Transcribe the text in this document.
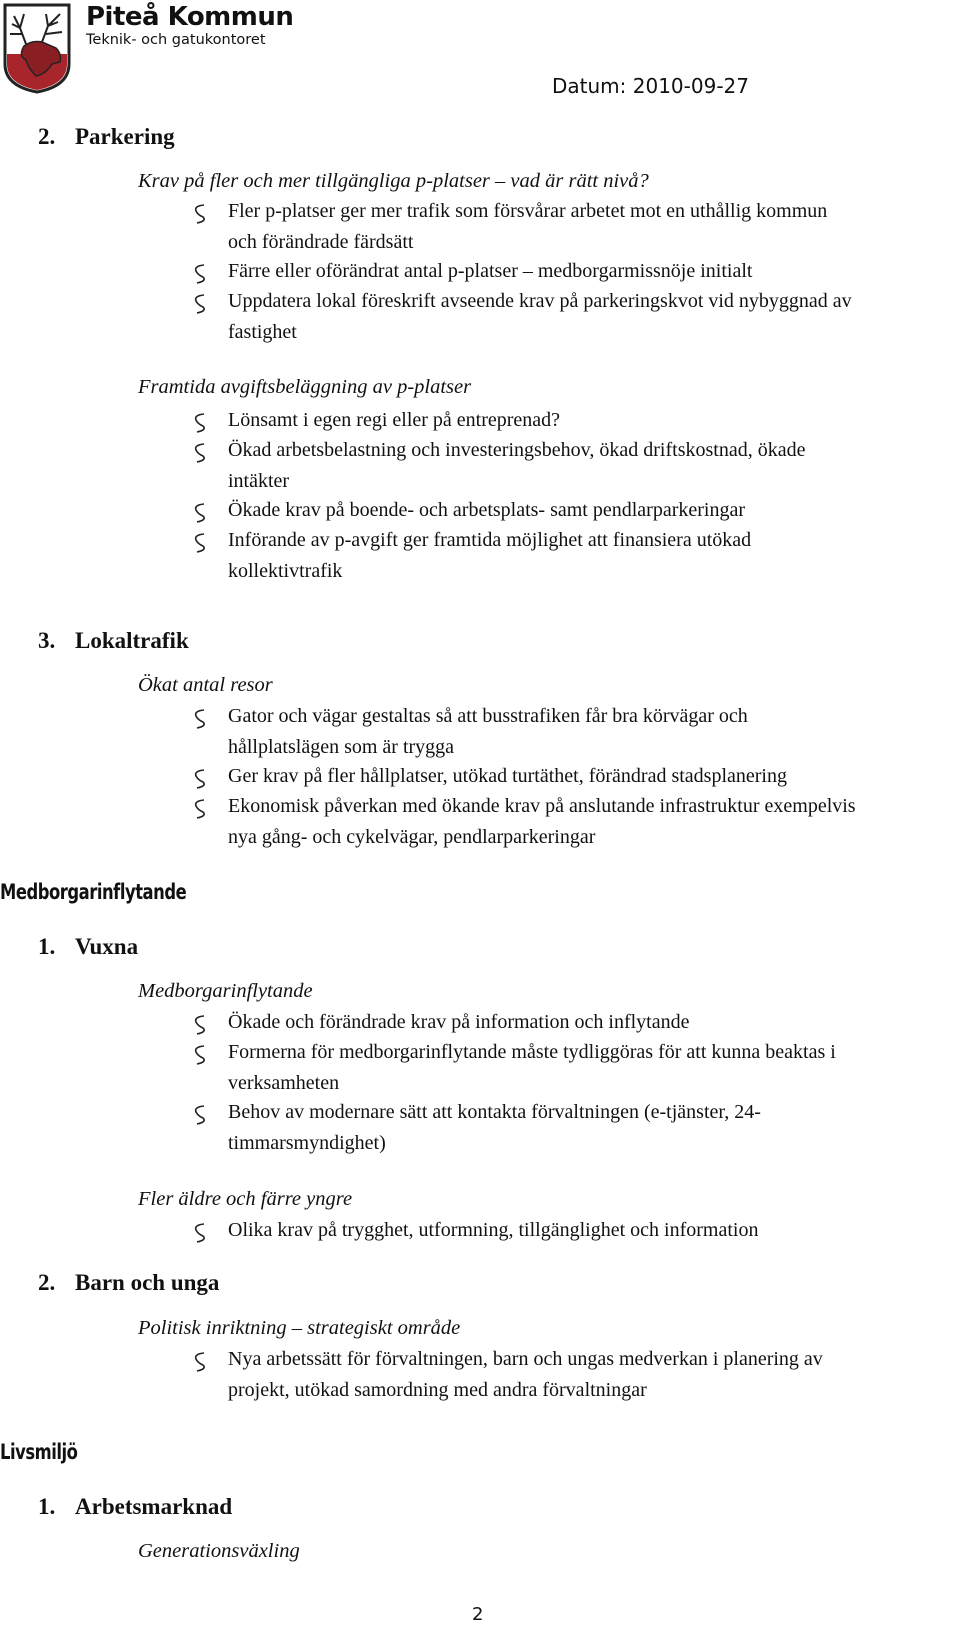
Piteå Kommun
Teknik- och gatukontoret
Datum: 2010-09-27
2. Parkering
Krav på fler och mer tillgängliga p-platser – vad är rätt nivå?
Fler p-platser ger mer trafik som försvårar arbetet mot en uthållig kommun
och förändrade färdsätt
Färre eller oförändrat antal p-platser – medborgarmissnöje initialt
Uppdatera lokal föreskrift avseende krav på parkeringskvot vid nybyggnad av
fastighet
Framtida avgiftsbeläggning av p-platser
Lönsamt i egen regi eller på entreprenad?
Ökad arbetsbelastning och investeringsbehov, ökad driftskostnad, ökade
intäkter
Ökade krav på boende- och arbetsplats- samt pendlarparkeringar
Införande av p-avgift ger framtida möjlighet att finansiera utökad
kollektivtrafik
3. Lokaltrafik
Ökat antal resor
Gator och vägar gestaltas så att busstrafiken får bra körvägar och
hållplatslägen som är trygga
Ger krav på fler hållplatser, utökad turtäthet, förändrad stadsplanering
Ekonomisk påverkan med ökande krav på anslutande infrastruktur exempelvis
nya gång- och cykelvägar, pendlarparkeringar
Medborgarinflytande
1. Vuxna
Medborgarinflytande
Ökade och förändrade krav på information och inflytande
Formerna för medborgarinflytande måste tydliggöras för att kunna beaktas i
verksamheten
Behov av modernare sätt att kontakta förvaltningen (e-tjänster, 24-
timmarsmyndighet)
Fler äldre och färre yngre
Olika krav på trygghet, utformning, tillgänglighet och information
2. Barn och unga
Politisk inriktning – strategiskt område
Nya arbetssätt för förvaltningen, barn och ungas medverkan i planering av
projekt, utökad samordning med andra förvaltningar
Livsmiljö
1. Arbetsmarknad
Generationsväxling
2
